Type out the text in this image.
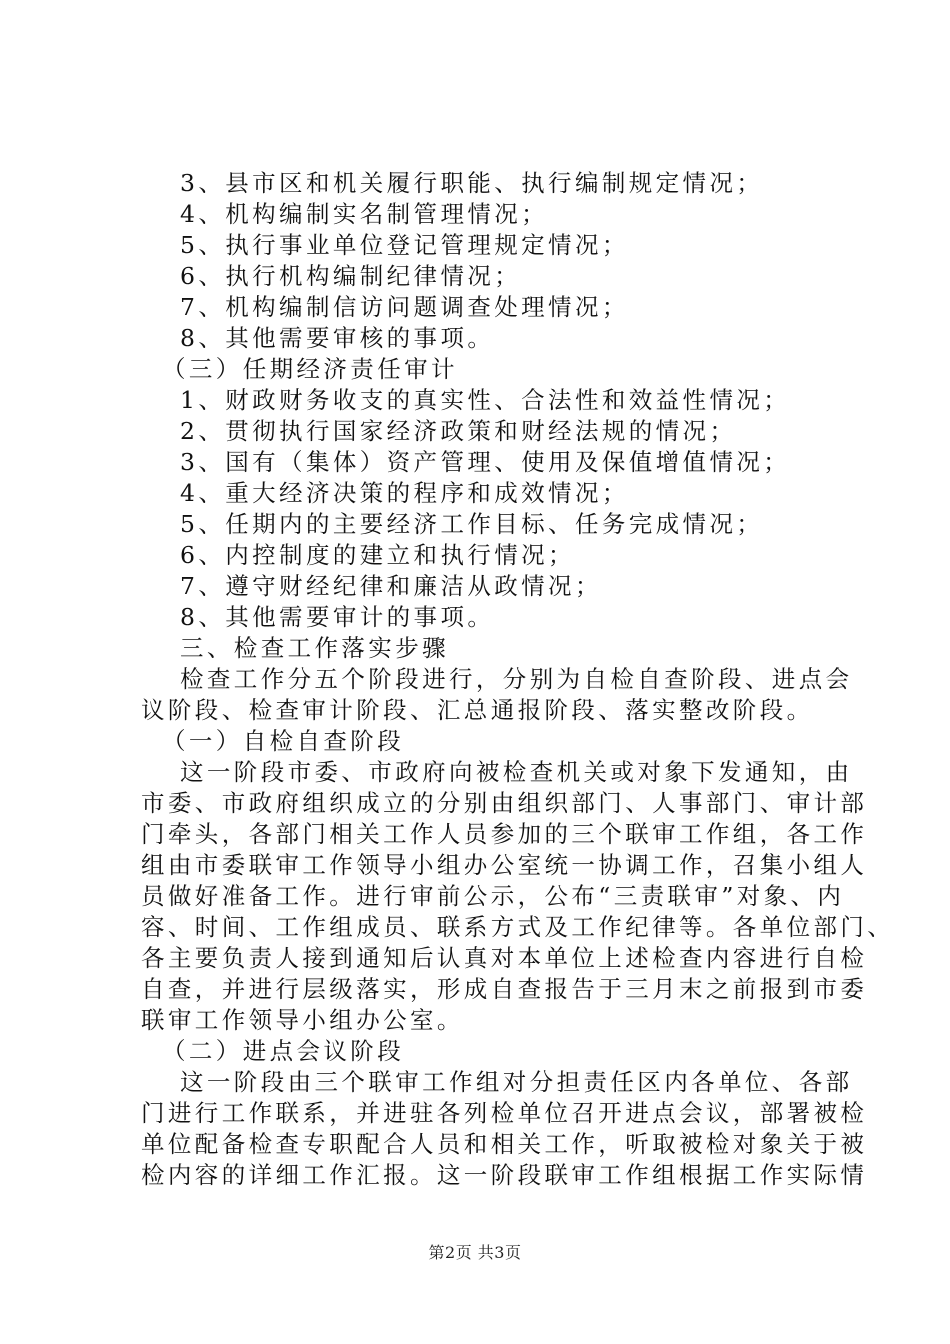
3、县市区和机关履行职能、执行编制规定情况；
4、机构编制实名制管理情况；
5、执行事业单位登记管理规定情况；
6、执行机构编制纪律情况；
7、机构编制信访问题调查处理情况；
8、其他需要审核的事项。
（三）任期经济责任审计
1、财政财务收支的真实性、合法性和效益性情况；
2、贯彻执行国家经济政策和财经法规的情况；
3、国有（集体）资产管理、使用及保值增值情况；
4、重大经济决策的程序和成效情况；
5、任期内的主要经济工作目标、任务完成情况；
6、内控制度的建立和执行情况；
7、遵守财经纪律和廉洁从政情况；
8、其他需要审计的事项。
三、检查工作落实步骤
检查工作分五个阶段进行，分别为自检自查阶段、进点会
议阶段、检查审计阶段、汇总通报阶段、落实整改阶段。
（一）自检自查阶段
这一阶段市委、市政府向被检查机关或对象下发通知，由
市委、市政府组织成立的分别由组织部门、人事部门、审计部
门牵头，各部门相关工作人员参加的三个联审工作组，各工作
组由市委联审工作领导小组办公室统一协调工作，召集小组人
员做好准备工作。进行审前公示，公布“三责联审”对象、内
容、时间、工作组成员、联系方式及工作纪律等。各单位部门、
各主要负责人接到通知后认真对本单位上述检查内容进行自检
自查，并进行层级落实，形成自查报告于三月末之前报到市委
联审工作领导小组办公室。
（二）进点会议阶段
这一阶段由三个联审工作组对分担责任区内各单位、各部
门进行工作联系，并进驻各列检单位召开进点会议，部署被检
单位配备检查专职配合人员和相关工作，听取被检对象关于被
检内容的详细工作汇报。这一阶段联审工作组根据工作实际情
第2页 共3页
